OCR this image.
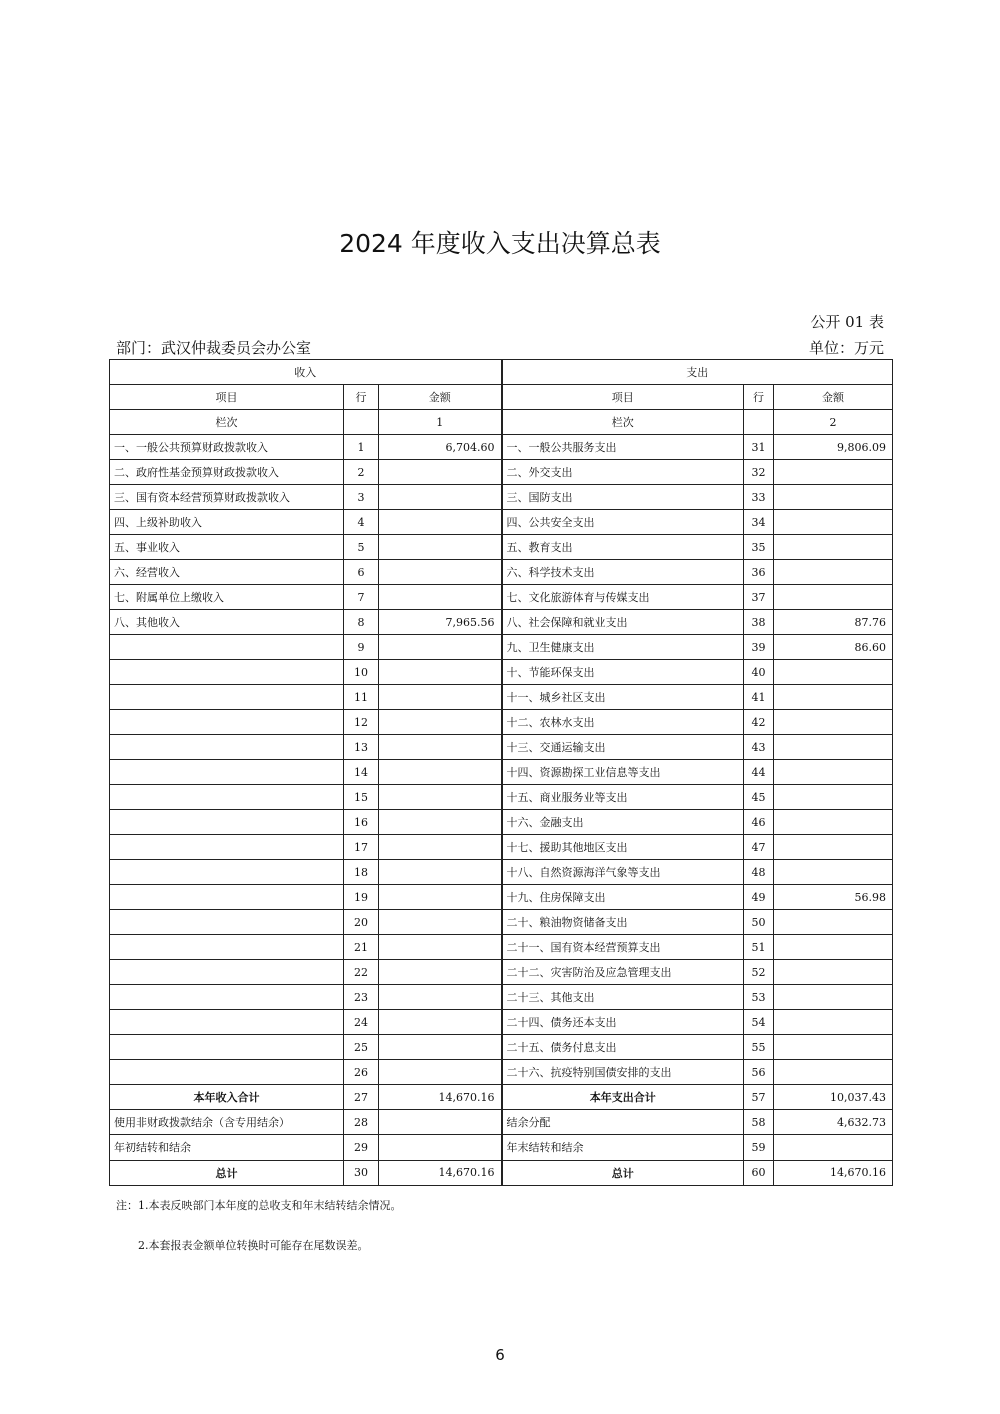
2024 年度收入支出决算总表
公开 01 表
部门：武汉仲裁委员会办公室	单位：万元
收入			支出		
项目	行	金额	项目	行	金额
栏次		1	栏次		2
一、一般公共预算财政拨款收入	1	6,704.60	一、一般公共服务支出	31	9,806.09
二、政府性基金预算财政拨款收入	2		二、外交支出	32	
三、国有资本经营预算财政拨款收入	3		三、国防支出	33	
四、上级补助收入	4		四、公共安全支出	34	
五、事业收入	5		五、教育支出	35	
六、经营收入	6		六、科学技术支出	36	
七、附属单位上缴收入	7		七、文化旅游体育与传媒支出	37	
八、其他收入	8	7,965.56	八、社会保障和就业支出	38	87.76
	9		九、卫生健康支出	39	86.60
	10		十、节能环保支出	40	
	11		十一、城乡社区支出	41	
	12		十二、农林水支出	42	
	13		十三、交通运输支出	43	
	14		十四、资源勘探工业信息等支出	44	
	15		十五、商业服务业等支出	45	
	16		十六、金融支出	46	
	17		十七、援助其他地区支出	47	
	18		十八、自然资源海洋气象等支出	48	
	19		十九、住房保障支出	49	56.98
	20		二十、粮油物资储备支出	50	
	21		二十一、国有资本经营预算支出	51	
	22		二十二、灾害防治及应急管理支出	52	
	23		二十三、其他支出	53	
	24		二十四、债务还本支出	54	
	25		二十五、债务付息支出	55	
	26		二十六、抗疫特别国债安排的支出	56	
本年收入合计	27	14,670.16	本年支出合计	57	10,037.43
使用非财政拨款结余（含专用结余）	28		结余分配	58	4,632.73
年初结转和结余	29		年末结转和结余	59	
总计	30	14,670.16	总计	60	14,670.16
注：1.本表反映部门本年度的总收支和年末结转结余情况。
2.本套报表金额单位转换时可能存在尾数误差。
6
